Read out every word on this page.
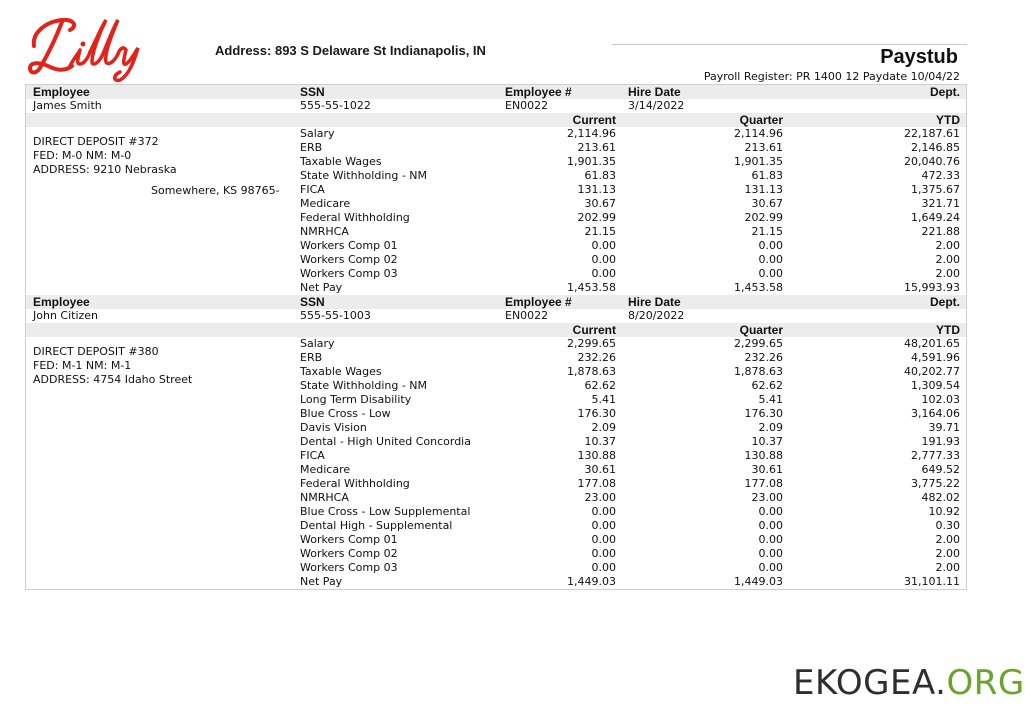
Address: 893 S Delaware St Indianapolis, IN	Paystub
Payroll Register: PR 1400 12 Paydate 10/04/22
Employee	SSN	Employee #	Hire Date	Dept.
James Smith	555-55-1022	EN0022	3/14/2022
Current	Quarter	YTD
DIRECT DEPOSIT #372
FED: M-0 NM: M-0
ADDRESS: 9210 Nebraska
Somewhere, KS 98765-
Salary	2,114.96	2,114.96	22,187.61
ERB	213.61	213.61	2,146.85
Taxable Wages	1,901.35	1,901.35	20,040.76
State Withholding - NM	61.83	61.83	472.33
FICA	131.13	131.13	1,375.67
Medicare	30.67	30.67	321.71
Federal Withholding	202.99	202.99	1,649.24
NMRHCA	21.15	21.15	221.88
Workers Comp 01	0.00	0.00	2.00
Workers Comp 02	0.00	0.00	2.00
Workers Comp 03	0.00	0.00	2.00
Net Pay	1,453.58	1,453.58	15,993.93
Employee	SSN	Employee #	Hire Date	Dept.
John Citizen	555-55-1003	EN0022	8/20/2022
Current	Quarter	YTD
DIRECT DEPOSIT #380
FED: M-1 NM: M-1
ADDRESS: 4754 Idaho Street
Salary	2,299.65	2,299.65	48,201.65
ERB	232.26	232.26	4,591.96
Taxable Wages	1,878.63	1,878.63	40,202.77
State Withholding - NM	62.62	62.62	1,309.54
Long Term Disability	5.41	5.41	102.03
Blue Cross - Low	176.30	176.30	3,164.06
Davis Vision	2.09	2.09	39.71
Dental - High United Concordia	10.37	10.37	191.93
FICA	130.88	130.88	2,777.33
Medicare	30.61	30.61	649.52
Federal Withholding	177.08	177.08	3,775.22
NMRHCA	23.00	23.00	482.02
Blue Cross - Low Supplemental	0.00	0.00	10.92
Dental High - Supplemental	0.00	0.00	0.30
Workers Comp 01	0.00	0.00	2.00
Workers Comp 02	0.00	0.00	2.00
Workers Comp 03	0.00	0.00	2.00
Net Pay	1,449.03	1,449.03	31,101.11
EKOGEA.ORG
